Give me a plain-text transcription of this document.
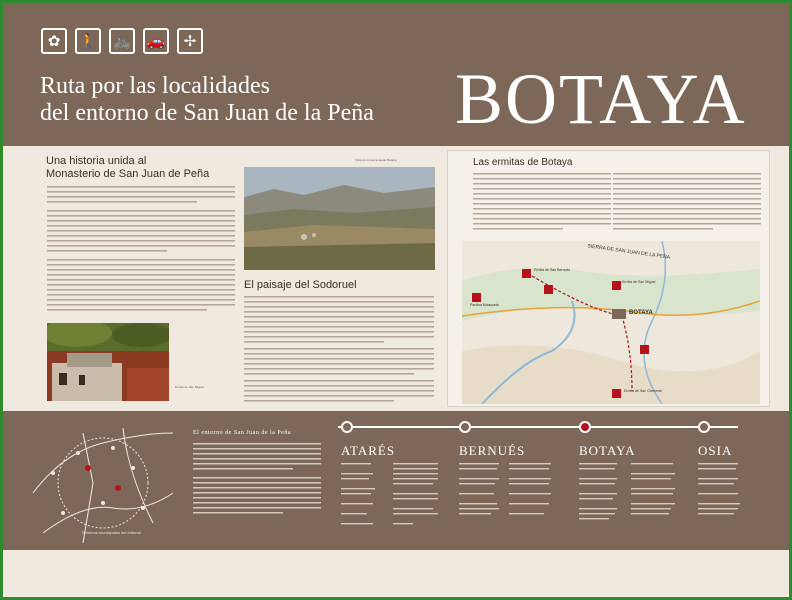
✿	🚶 🚲 🚗	✢
Ruta por las localidades
del entorno de San Juan de la Peña BOTAYA
Una historia unida al
Monasterio de San Juan de Peña
Ermita de San Miguel
Vista de la sierra desde Botaya
El paisaje del Sodoruel
Las ermitas de Botaya
SIERRA DE SAN JUAN DE LA PEÑA
BOTAYA
Ermita de San Bernués
Pardina Botayuela
Ermita de San Miguel
Ermita de San Clemente
Términos municipales del entorno
El entorno de San Juan de la Peña
ATARÉS	BERNUÉS	BOTAYA	OSIA
